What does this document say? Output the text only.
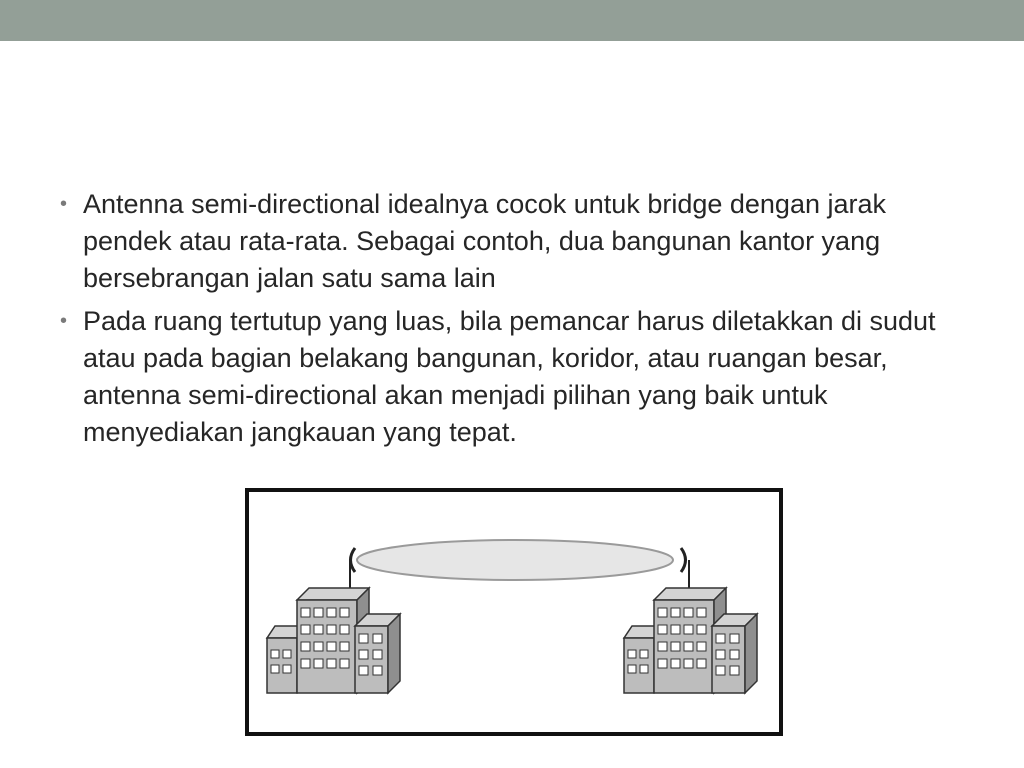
• Antenna semi-directional idealnya cocok untuk bridge dengan jarak pendek atau rata-rata. Sebagai contoh, dua bangunan kantor yang bersebrangan jalan satu sama lain
• Pada ruang tertutup yang luas, bila pemancar harus diletakkan di sudut atau pada bagian belakang bangunan, koridor, atau ruangan besar, antenna semi-directional akan menjadi pilihan yang baik untuk menyediakan jangkauan yang tepat.
